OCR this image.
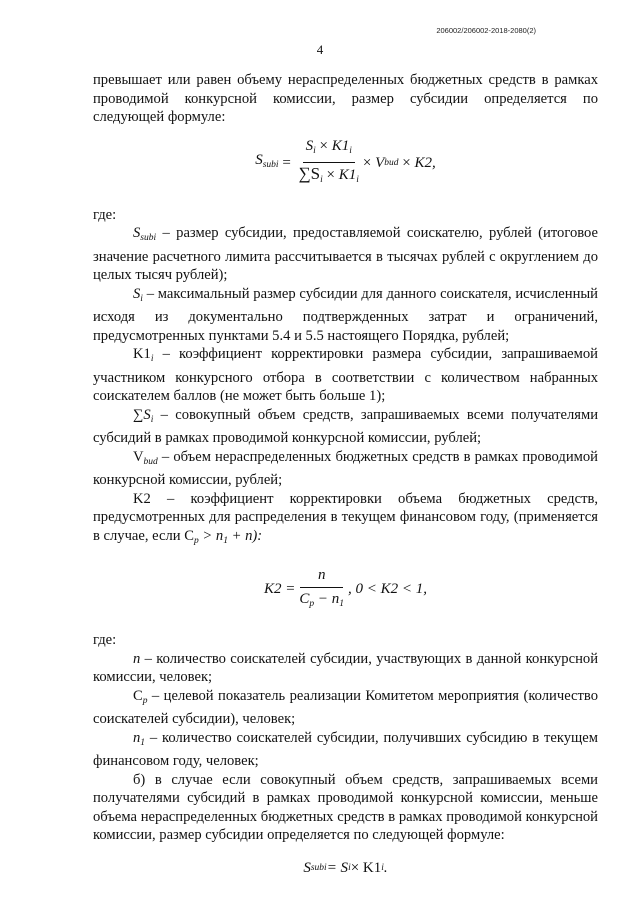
206002/206002-2018-2080(2)
4

превышает или равен объему нераспределенных бюджетных средств в рамках проводимой конкурсной комиссии, размер субсидии определяется по следующей формуле:

$S_{subi} = \frac{S_i \times K1_i}{\sum S_i \times K1_i}$ ×
V bud
×
K2,

где:

$S_{subi}$ – размер субсидии, предоставляемой соискателю, рублей (итоговое значение расчетного лимита рассчитывается в тысячах рублей с округлением до целых тысяч рублей);

$S_i$ – максимальный размер субсидии для данного соискателя, исчисленный исходя из документально подтвержденных затрат и ограничений, предусмотренных пунктами 5.4 и 5.5 настоящего Порядка, рублей;

$K1_i$ – коэффициент корректировки размера субсидии, запрашиваемой участником конкурсного отбора в соответствии с количеством набранных соискателем баллов (не может быть больше 1);

$\sum S_i$ – совокупный объем средств, запрашиваемых всеми получателями субсидий в рамках проводимой конкурсной комиссии, рублей;

$V_{bud}$ – объем нераспределенных бюджетных средств в рамках проводимой конкурсной комиссии, рублей;

K2 – коэффициент корректировки объема бюджетных средств, предусмотренных для распределения в текущем финансовом году, (применяется в случае, если $C_p > n_1 + n$):

$K2 = \frac{n}{C_p - n_1}$ , 0 < K2 < 1,

где:

n – количество соискателей субсидии, участвующих в данной конкурсной комиссии, человек;

$C_p$ – целевой показатель реализации Комитетом мероприятия (количество соискателей субсидии), человек;

$n_1$ – количество соискателей субсидии, получивших субсидию в текущем финансовом году, человек;

б) в случае если совокупный объем средств, запрашиваемых всеми получателями субсидий в рамках проводимой конкурсной комиссии, меньше объема нераспределенных бюджетных средств в рамках проводимой конкурсной комиссии, размер субсидии определяется по следующей формуле:

S subi = S i × K1 i .
